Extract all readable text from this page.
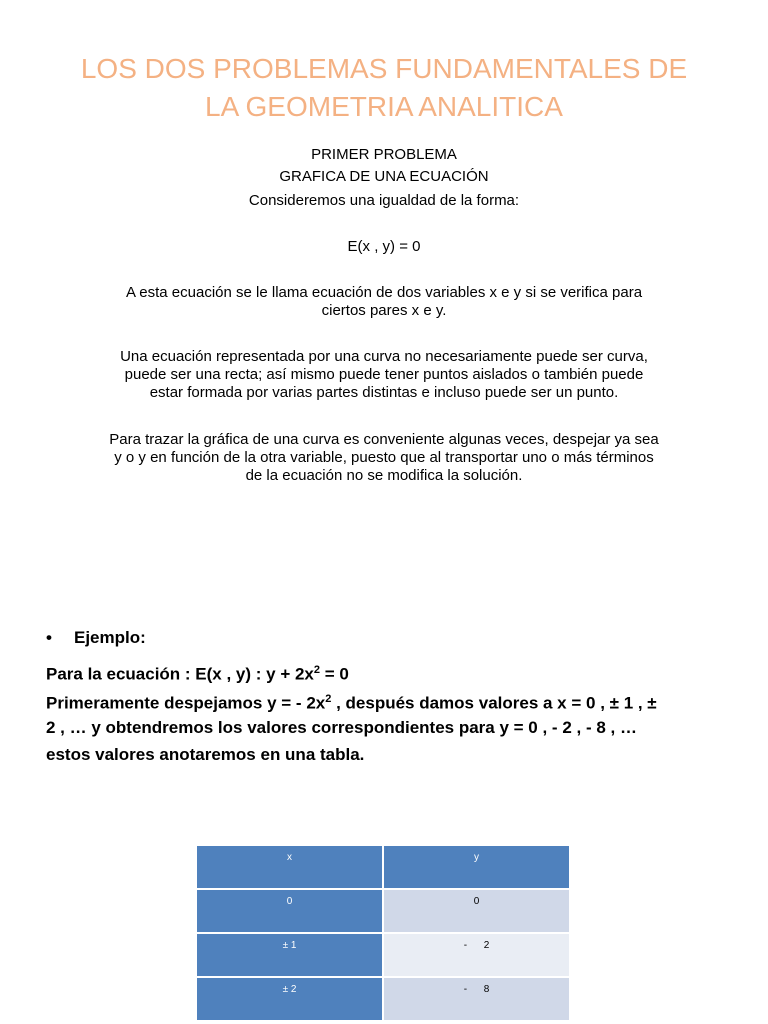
LOS DOS PROBLEMAS FUNDAMENTALES DE
LA GEOMETRIA ANALITICA
PRIMER PROBLEMA
GRAFICA DE UNA ECUACIÓN
Consideremos una igualdad de la forma:
E(x , y) = 0
A esta ecuación se le llama ecuación de dos variables x e y si se verifica para
ciertos pares x e y.
Una ecuación representada por una curva no necesariamente puede ser curva,
puede ser una recta; así mismo puede tener puntos aislados o también puede
estar formada por varias partes distintas e incluso puede ser un punto.
Para trazar la gráfica de una curva es conveniente algunas veces, despejar ya sea
y o y en función de la otra variable, puesto que al transportar uno o más términos
de la ecuación no se modifica la solución.
• Ejemplo:
Para la ecuación : E(x , y) : $y + 2x^2 = 0$
Primeramente despejamos y = - $2x^2$ , después damos valores a x = 0 , ± 1 , ±
2 , … y obtendremos los valores correspondientes para y = 0 , - 2 , - 8 , …
estos valores anotaremos en una tabla.
x	y
0	0
± 1	-      2
± 2	-      8
